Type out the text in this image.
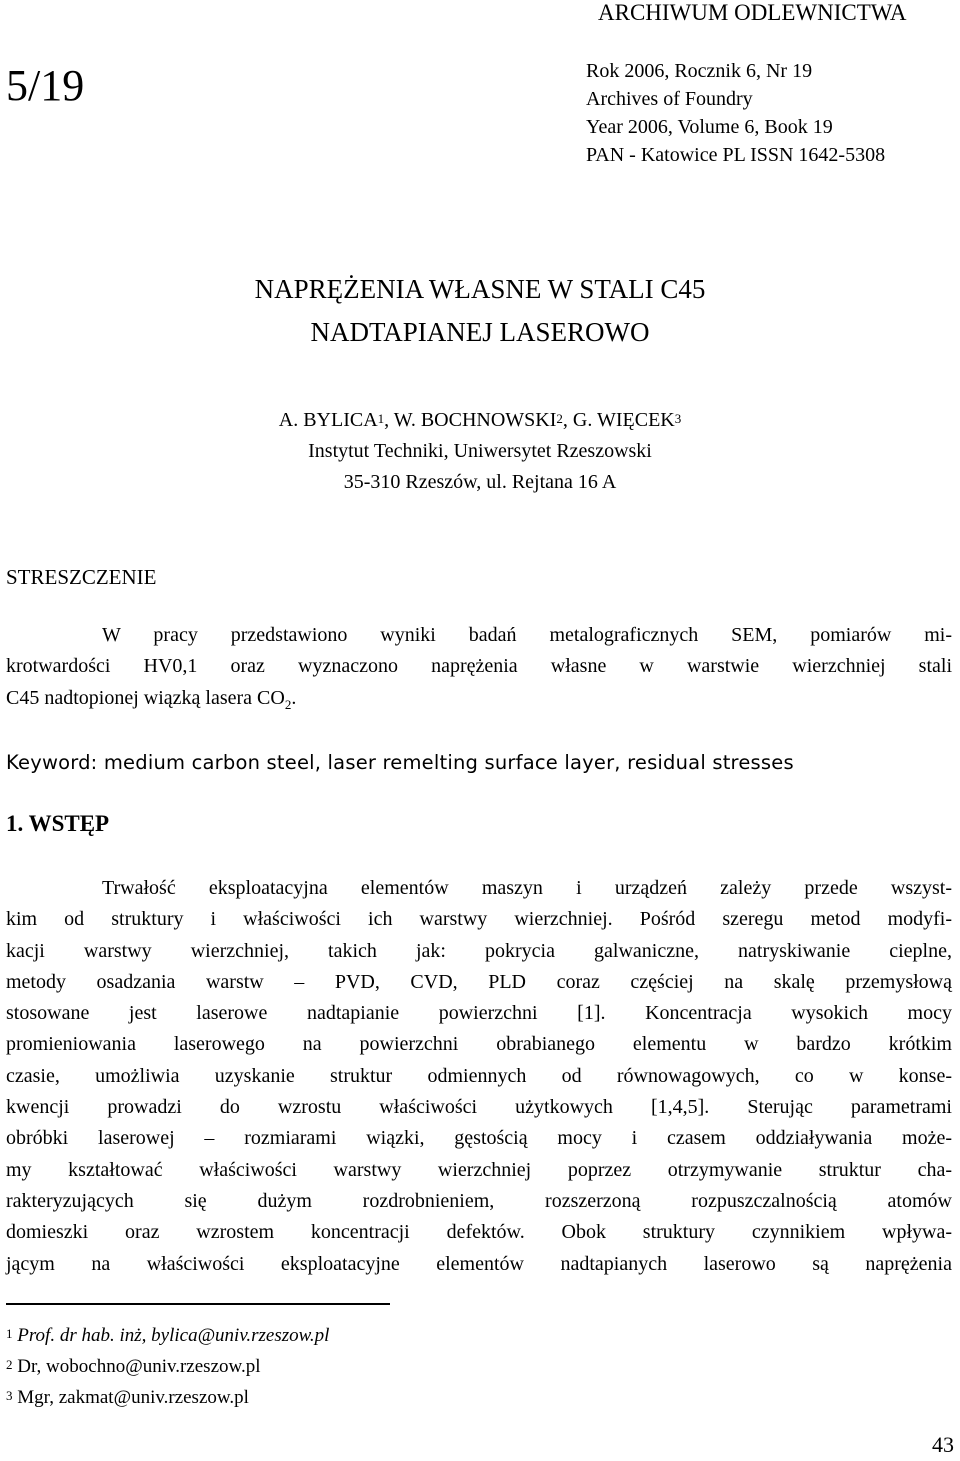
ARCHIWUM ODLEWNICTWA
5/19	Rok 2006, Rocznik 6, Nr 19
Archives of Foundry
Year 2006, Volume 6, Book 19
PAN - Katowice PL ISSN 1642-5308
NAPRĘŻENIA WŁASNE W STALI C45
NADTAPIANEJ LASEROWO
A. BYLICA$^1$, W. BOCHNOWSKI$^2$, G. WIĘCEK$^3$
Instytut Techniki, Uniwersytet Rzeszowski
35-310 Rzeszów, ul. Rejtana 16 A
STRESZCZENIE
W pracy przedstawiono wyniki badań metalograficznych SEM, pomiarów mi-
krotwardości HV0,1 oraz wyznaczono naprężenia własne w warstwie wierzchniej stali
C45 nadtopionej wiązką lasera $CO_2$.
Keyword: medium carbon steel, laser remelting surface layer, residual stresses
1. WSTĘP
Trwałość eksploatacyjna elementów maszyn i urządzeń zależy przede wszyst-
kim od struktury i właściwości ich warstwy wierzchniej. Pośród szeregu metod modyfi-
kacji warstwy wierzchniej, takich jak: pokrycia galwaniczne, natryskiwanie cieplne,
metody osadzania warstw – PVD, CVD, PLD coraz częściej na skalę przemysłową
stosowane jest laserowe nadtapianie powierzchni [1]. Koncentracja wysokich mocy
promieniowania laserowego na powierzchni obrabianego elementu w bardzo krótkim
czasie, umożliwia uzyskanie struktur odmiennych od równowagowych, co w konse-
kwencji prowadzi do wzrostu właściwości użytkowych [1,4,5]. Sterując parametrami
obróbki laserowej – rozmiarami wiązki, gęstością mocy i czasem oddziaływania może-
my kształtować właściwości warstwy wierzchniej poprzez otrzymywanie struktur cha-
rakteryzujących się dużym rozdrobnieniem, rozszerzoną rozpuszczalnością atomów
domieszki oraz wzrostem koncentracji defektów. Obok struktury czynnikiem wpływa-
jącym na właściwości eksploatacyjne elementów nadtapianych laserowo są naprężenia
$^1$ Prof. dr hab. inż, bylica@univ.rzeszow.pl
$^2$ Dr, wobochno@univ.rzeszow.pl
$^3$ Mgr, zakmat@univ.rzeszow.pl
43
